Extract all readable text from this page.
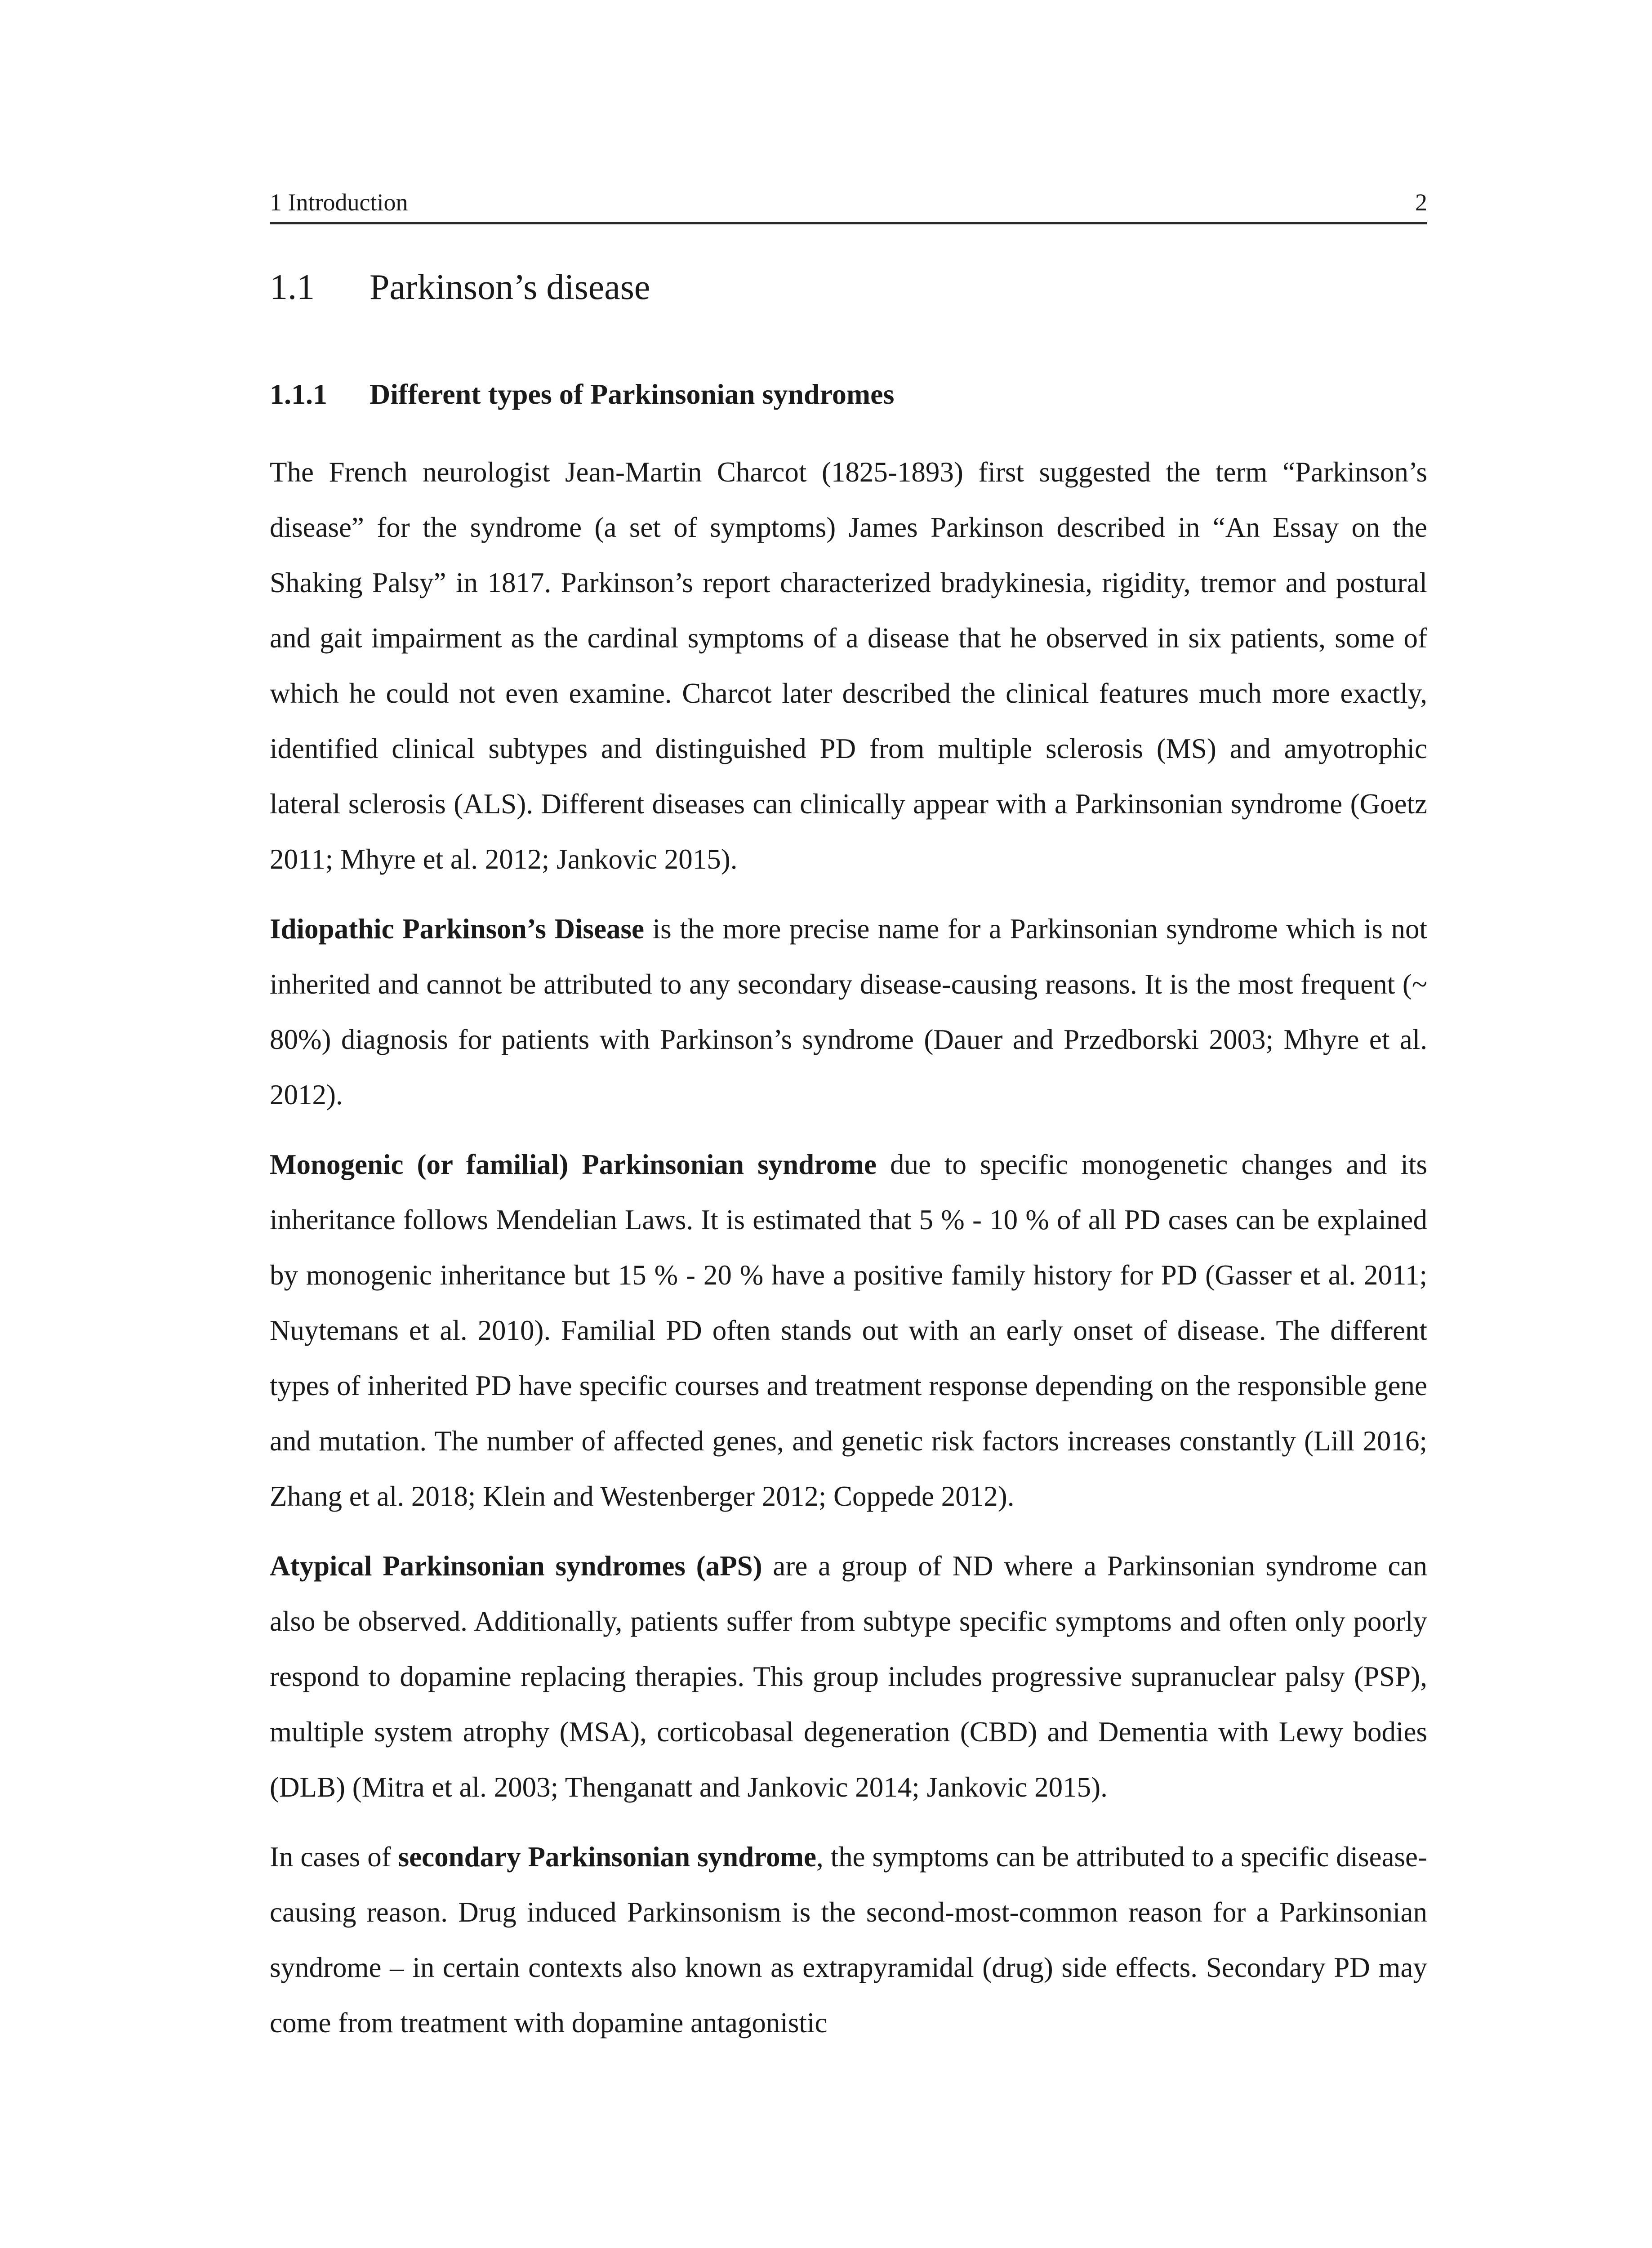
1 Introduction	2
1.1	Parkinson’s disease
1.1.1	Different types of Parkinsonian syndromes

The French neurologist Jean-Martin Charcot (1825-1893) first suggested the term “Parkinson’s disease” for the syndrome (a set of symptoms) James Parkinson described in “An Essay on the Shaking Palsy” in 1817. Parkinson’s report characterized bradykinesia, rigidity, tremor and postural and gait impairment as the cardinal symptoms of a disease that he observed in six patients, some of which he could not even examine. Charcot later described the clinical features much more exactly, identified clinical subtypes and distinguished PD from multiple sclerosis (MS) and amyotrophic lateral sclerosis (ALS). Different diseases can clinically appear with a Parkinsonian syndrome (Goetz 2011; Mhyre et al. 2012; Jankovic 2015).

Idiopathic Parkinson’s Disease is the more precise name for a Parkinsonian syndrome which is not inherited and cannot be attributed to any secondary disease-causing reasons. It is the most frequent (~ 80%) diagnosis for patients with Parkinson’s syndrome (Dauer and Przedborski 2003; Mhyre et al. 2012).

Monogenic (or familial) Parkinsonian syndrome due to specific monogenetic changes and its inheritance follows Mendelian Laws. It is estimated that 5 % - 10 % of all PD cases can be explained by monogenic inheritance but 15 % - 20 % have a positive family history for PD (Gasser et al. 2011; Nuytemans et al. 2010). Familial PD often stands out with an early onset of disease. The different types of inherited PD have specific courses and treatment response depending on the responsible gene and mutation. The number of affected genes, and genetic risk factors increases constantly (Lill 2016; Zhang et al. 2018; Klein and Westenberger 2012; Coppede 2012).

Atypical Parkinsonian syndromes (aPS) are a group of ND where a Parkinsonian syndrome can also be observed. Additionally, patients suffer from subtype specific symptoms and often only poorly respond to dopamine replacing therapies. This group includes progressive supranuclear palsy (PSP), multiple system atrophy (MSA), corticobasal degeneration (CBD) and Dementia with Lewy bodies (DLB) (Mitra et al. 2003; Thenganatt and Jankovic 2014; Jankovic 2015).

In cases of secondary Parkinsonian syndrome, the symptoms can be attributed to a specific disease-causing reason. Drug induced Parkinsonism is the second-most-common reason for a Parkinsonian syndrome – in certain contexts also known as extrapyramidal (drug) side effects. Secondary PD may come from treatment with dopamine antagonistic
